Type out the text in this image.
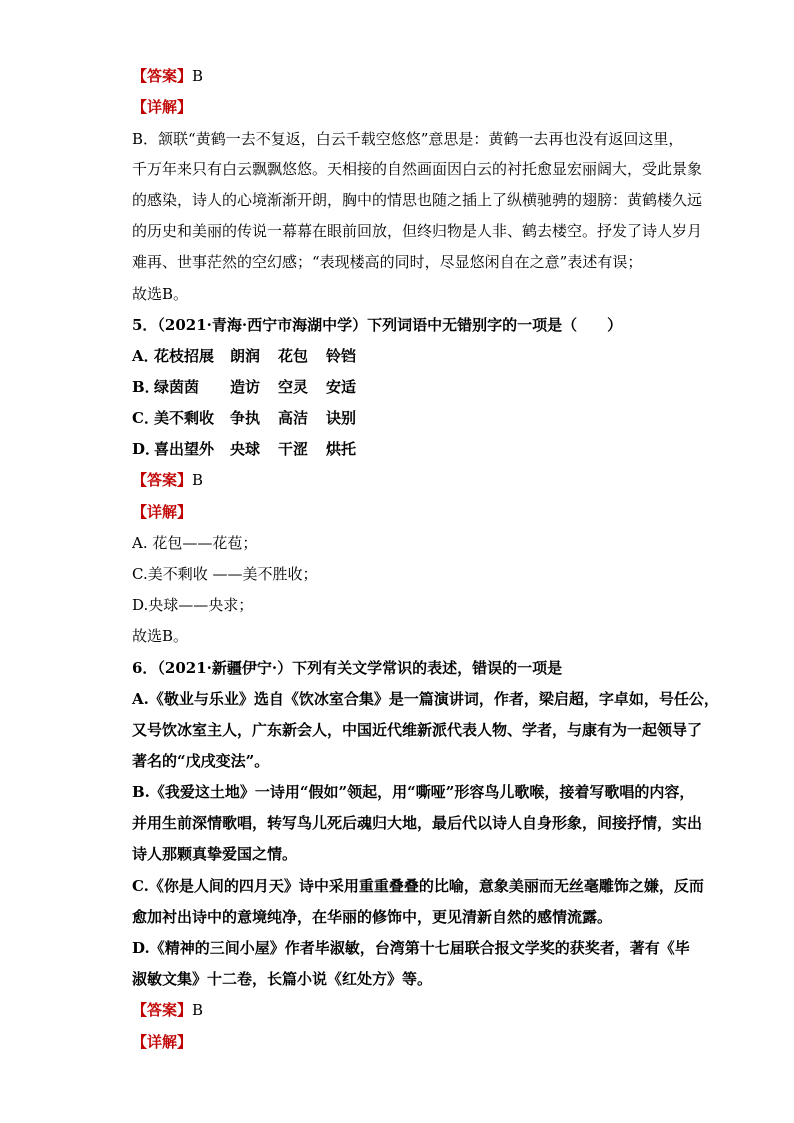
【答案】B
【详解】
B．颔联“黄鹤一去不复返，白云千载空悠悠”意思是：黄鹤一去再也没有返回这里，
千万年来只有白云飘飘悠悠。天相接的自然画面因白云的衬托愈显宏丽阔大，受此景象
的感染，诗人的心境渐渐开朗，胸中的情思也随之插上了纵横驰骋的翅膀：黄鹤楼久远
的历史和美丽的传说一幕幕在眼前回放，但终归物是人非、鹤去楼空。抒发了诗人岁月
难再、世事茫然的空幻感；“表现楼高的同时，尽显悠闲自在之意”表述有误；
故选B。
5．（2021·青海·西宁市海湖中学）下列词语中无错别字的一项是（　　）
A．花枝招展 朗润 花包 铃铛
B．绿茵茵 造访 空灵 安适
C．美不剩收 争执 高洁 诀别
D．喜出望外 央球 干涩 烘托
【答案】B
【详解】
A. 花包——花苞；
C.美不剩收 ——美不胜收；
D.央球——央求；
故选B。
6．（2021·新疆伊宁·）下列有关文学常识的表述，错误的一项是
A.《敬业与乐业》选自《饮冰室合集》是一篇演讲词，作者，梁启超，字卓如，号任公，
又号饮冰室主人，广东新会人，中国近代维新派代表人物、学者，与康有为一起领导了
著名的“戊戌变法”。
B.《我爱这土地》一诗用“假如”领起，用“嘶哑”形容鸟儿歌喉，接着写歌唱的内容，
并用生前深情歌唱，转写鸟儿死后魂归大地，最后代以诗人自身形象，间接抒情，实出
诗人那颗真挚爱国之情。
C.《你是人间的四月天》诗中采用重重叠叠的比喻，意象美丽而无丝毫雕饰之嫌，反而
愈加衬出诗中的意境纯净，在华丽的修饰中，更见清新自然的感情流露。
D.《精神的三间小屋》作者毕淑敏，台湾第十七届联合报文学奖的获奖者，著有《毕
淑敏文集》十二卷，长篇小说《红处方》等。
【答案】B
【详解】
